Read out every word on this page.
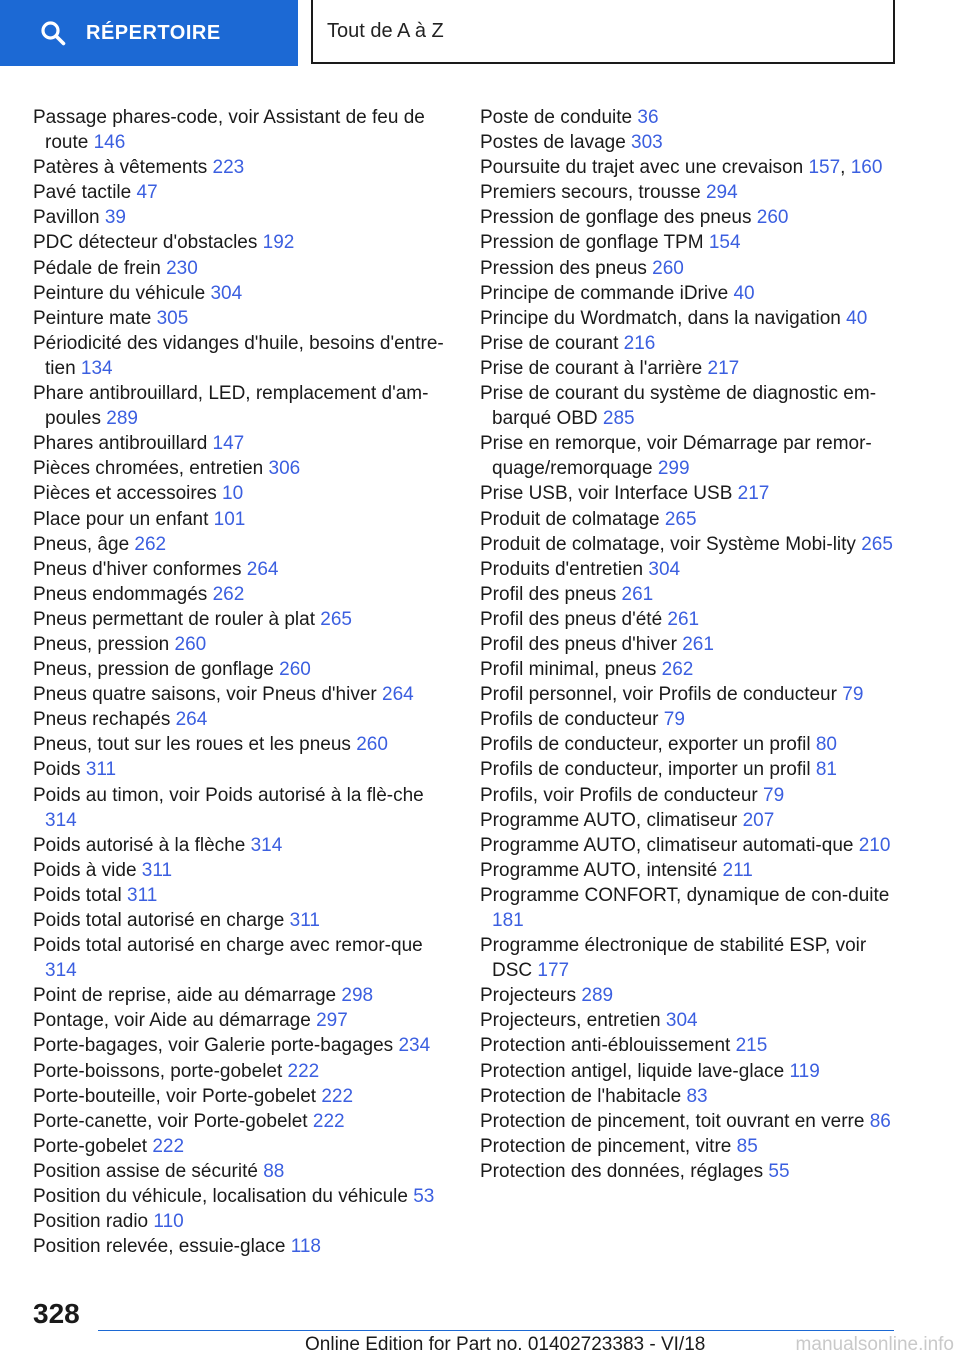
RÉPERTOIRE	Tout de A à Z
Passage phares-code, voir Assistant de feu de route 146
Patères à vêtements 223
Pavé tactile 47
Pavillon 39
PDC détecteur d'obstacles 192
Pédale de frein 230
Peinture du véhicule 304
Peinture mate 305
Périodicité des vidanges d'huile, besoins d'entre-tien 134
Phare antibrouillard, LED, remplacement d'am-poules 289
Phares antibrouillard 147
Pièces chromées, entretien 306
Pièces et accessoires 10
Place pour un enfant 101
Pneus, âge 262
Pneus d'hiver conformes 264
Pneus endommagés 262
Pneus permettant de rouler à plat 265
Pneus, pression 260
Pneus, pression de gonflage 260
Pneus quatre saisons, voir Pneus d'hiver 264
Pneus rechapés 264
Pneus, tout sur les roues et les pneus 260
Poids 311
Poids au timon, voir Poids autorisé à la flè-che 314
Poids autorisé à la flèche 314
Poids à vide 311
Poids total 311
Poids total autorisé en charge 311
Poids total autorisé en charge avec remor-que 314
Point de reprise, aide au démarrage 298
Pontage, voir Aide au démarrage 297
Porte-bagages, voir Galerie porte-bagages 234
Porte-boissons, porte-gobelet 222
Porte-bouteille, voir Porte-gobelet 222
Porte-canette, voir Porte-gobelet 222
Porte-gobelet 222
Position assise de sécurité 88
Position du véhicule, localisation du véhicule 53
Position radio 110
Position relevée, essuie-glace 118
Poste de conduite 36
Postes de lavage 303
Poursuite du trajet avec une crevaison 157, 160
Premiers secours, trousse 294
Pression de gonflage des pneus 260
Pression de gonflage TPM 154
Pression des pneus 260
Principe de commande iDrive 40
Principe du Wordmatch, dans la navigation 40
Prise de courant 216
Prise de courant à l'arrière 217
Prise de courant du système de diagnostic em-barqué OBD 285
Prise en remorque, voir Démarrage par remor-quage/remorquage 299
Prise USB, voir Interface USB 217
Produit de colmatage 265
Produit de colmatage, voir Système Mobi-lity 265
Produits d'entretien 304
Profil des pneus 261
Profil des pneus d'été 261
Profil des pneus d'hiver 261
Profil minimal, pneus 262
Profil personnel, voir Profils de conducteur 79
Profils de conducteur 79
Profils de conducteur, exporter un profil 80
Profils de conducteur, importer un profil 81
Profils, voir Profils de conducteur 79
Programme AUTO, climatiseur 207
Programme AUTO, climatiseur automati-que 210
Programme AUTO, intensité 211
Programme CONFORT, dynamique de con-duite 181
Programme électronique de stabilité ESP, voir DSC 177
Projecteurs 289
Projecteurs, entretien 304
Protection anti-éblouissement 215
Protection antigel, liquide lave-glace 119
Protection de l'habitacle 83
Protection de pincement, toit ouvrant en verre 86
Protection de pincement, vitre 85
Protection des données, réglages 55
328
Online Edition for Part no. 01402723383 - VI/18	manualsonline.info
